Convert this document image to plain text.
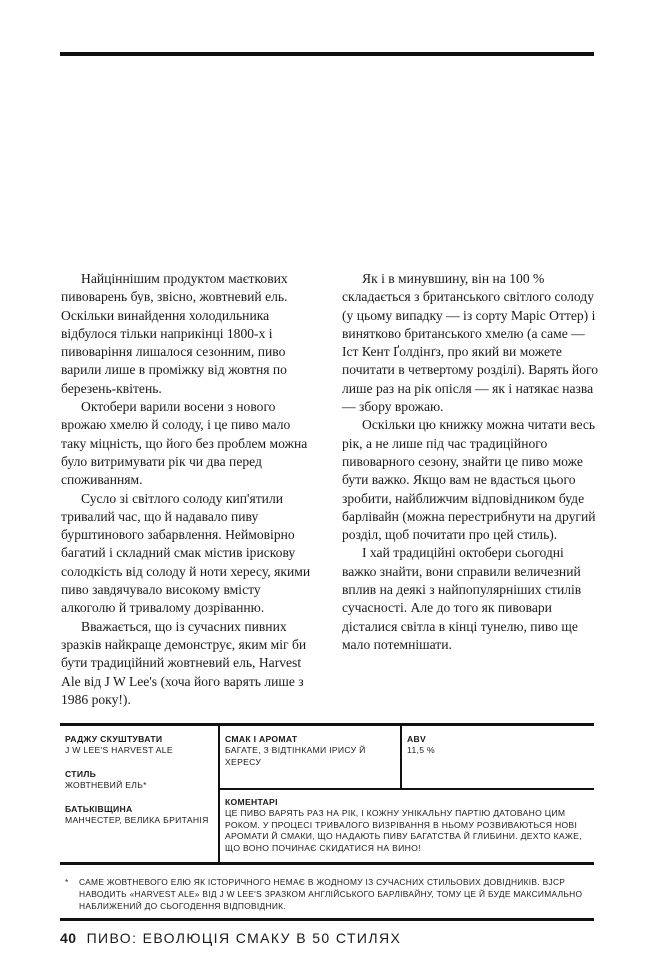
Найціннішим продуктом маєткових пивоварень був, звісно, жовтневий ель. Оскільки винайдення холодильника відбулося тільки наприкінці 1800-х і пивоваріння лишалося сезонним, пиво варили лише в проміжку від жовтня по березень-квітень.

Октобери варили восени з нового врожаю хмелю й солоду, і це пиво мало таку міцність, що його без проблем можна було витримувати рік чи два перед споживанням.

Сусло зі світлого солоду кип'ятили тривалий час, що й надавало пиву бурштинового забарвлення. Неймовірно багатий і складний смак містив ірискову солодкість від солоду й ноти хересу, якими пиво завдячувало високому вмісту алкоголю й тривалому дозріванню.

Вважається, що із сучасних пивних зразків найкраще демонструє, яким міг би бути традиційний жовтневий ель, Harvest Ale від J W Lee's (хоча його варять лише з 1986 року!).

Як і в минувшину, він на 100 % складається з британського світлого солоду (у цьому випадку — із сорту Маріс Оттер) і винятково британського хмелю (а саме — Іст Кент Ґолдінґз, про який ви можете почитати в четвертому розділі). Варять його лише раз на рік опісля — як і натякає назва — збору врожаю.

Оскільки цю книжку можна читати весь рік, а не лише під час традиційного пивоварного сезону, знайти це пиво може бути важко. Якщо вам не вдасться цього зробити, найближчим відповідником буде барлівайн (можна перестрибнути на другий розділ, щоб почитати про цей стиль).

І хай традиційні октобери сьогодні важко знайти, вони справили величезний вплив на деякі з найпопулярніших стилів сучасності. Але до того як пивовари дісталися світла в кінці тунелю, пиво ще мало потемнішати.

РАДЖУ СКУШТУВАТИ
J W LEE'S HARVEST ALE
СТИЛЬ
ЖОВТНЕВИЙ ЕЛЬ*
БАТЬКІВЩИНА
МАНЧЕСТЕР, ВЕЛИКА БРИТАНІЯ
СМАК І АРОМАТ
БАГАТЕ, З ВІДТІНКАМИ ІРИСУ Й ХЕРЕСУ
ABV
11,5 %
КОМЕНТАРІ
ЦЕ ПИВО ВАРЯТЬ РАЗ НА РІК, І КОЖНУ УНІКАЛЬНУ ПАРТІЮ ДАТОВАНО ЦИМ РОКОМ. У ПРОЦЕСІ ТРИВАЛОГО ВИЗРІВАННЯ В НЬОМУ РОЗВИВАЮТЬСЯ НОВІ АРОМАТИ Й СМАКИ, ЩО НАДАЮТЬ ПИВУ БАГАТСТВА Й ГЛИБИНИ. ДЕХТО КАЖЕ, ЩО ВОНО ПОЧИНАЄ СКИДАТИСЯ НА ВИНО!
* САМЕ ЖОВТНЕВОГО ЕЛЮ ЯК ІСТОРИЧНОГО НЕМАЄ В ЖОДНОМУ ІЗ СУЧАСНИХ СТИЛЬОВИХ ДОВІДНИКІВ. BJCP НАВОДИТЬ «HARVEST ALE» ВІД J W LEE'S ЗРАЗКОМ АНГЛІЙСЬКОГО БАРЛІВАЙНУ, ТОМУ ЦЕ Й БУДЕ МАКСИМАЛЬНО НАБЛИЖЕНИЙ ДО СЬОГОДЕННЯ ВІДПОВІДНИК.
40 ПИВО: ЕВОЛЮЦІЯ СМАКУ В 50 СТИЛЯХ
